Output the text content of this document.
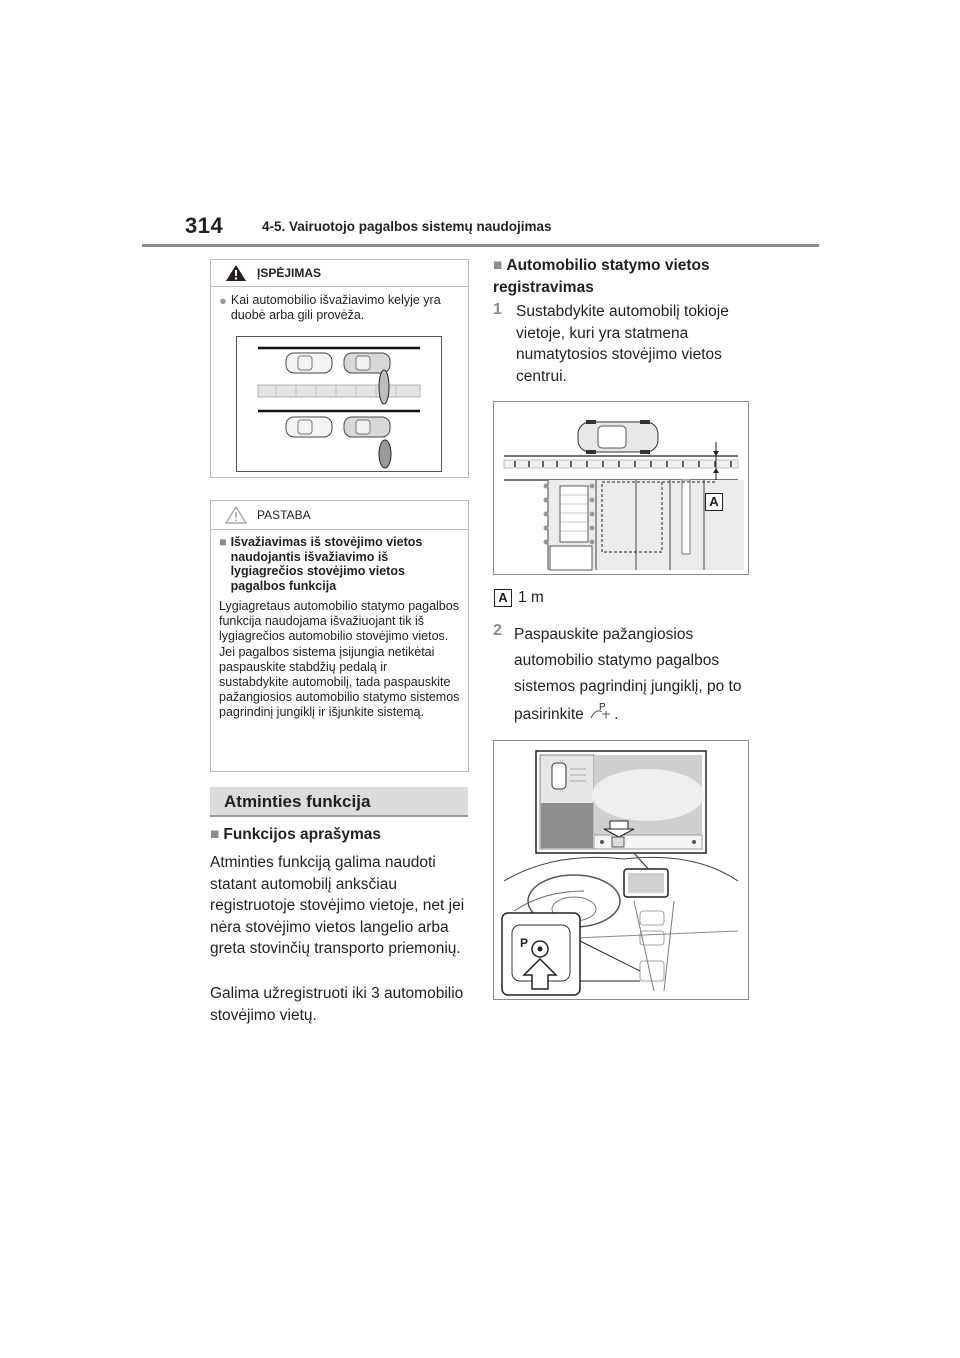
314	4-5. Vairuotojo pagalbos sistemų naudojimas
ĮSPĖJIMAS
● Kai automobilio išvažiavimo kelyje yra duobė arba gili provėža.
PASTABA
■ Išvažiavimas iš stovėjimo vietos naudojantis išvažiavimo iš lygiagrečios stovėjimo vietos pagalbos funkcija
Lygiagretaus automobilio statymo pagalbos funkcija naudojama išvažiuojant tik iš lygiagrečios automobilio stovėjimo vietos. Jei pagalbos sistema įsijungia netikėtai paspauskite stabdžių pedalą ir sustabdykite automobilį, tada paspauskite pažangiosios automobilio statymo sistemos pagrindinį jungiklį ir išjunkite sistemą.
Atminties funkcija
■ Funkcijos aprašymas
Atminties funkciją galima naudoti statant automobilį anksčiau registruotoje stovėjimo vietoje, net jei nėra stovėjimo vietos langelio arba greta stovinčių transporto priemonių.
Galima užregistruoti iki 3 automobilio stovėjimo vietų.
■ Automobilio statymo vietos registravimas
1 Sustabdykite automobilį tokioje vietoje, kuri yra statmena numatytosios stovėjimo vietos centrui.
A
A 1 m
2 Paspauskite pažangiosios automobilio statymo pagalbos sistemos pagrindinį jungiklį, po to pasirinkite P .
P
